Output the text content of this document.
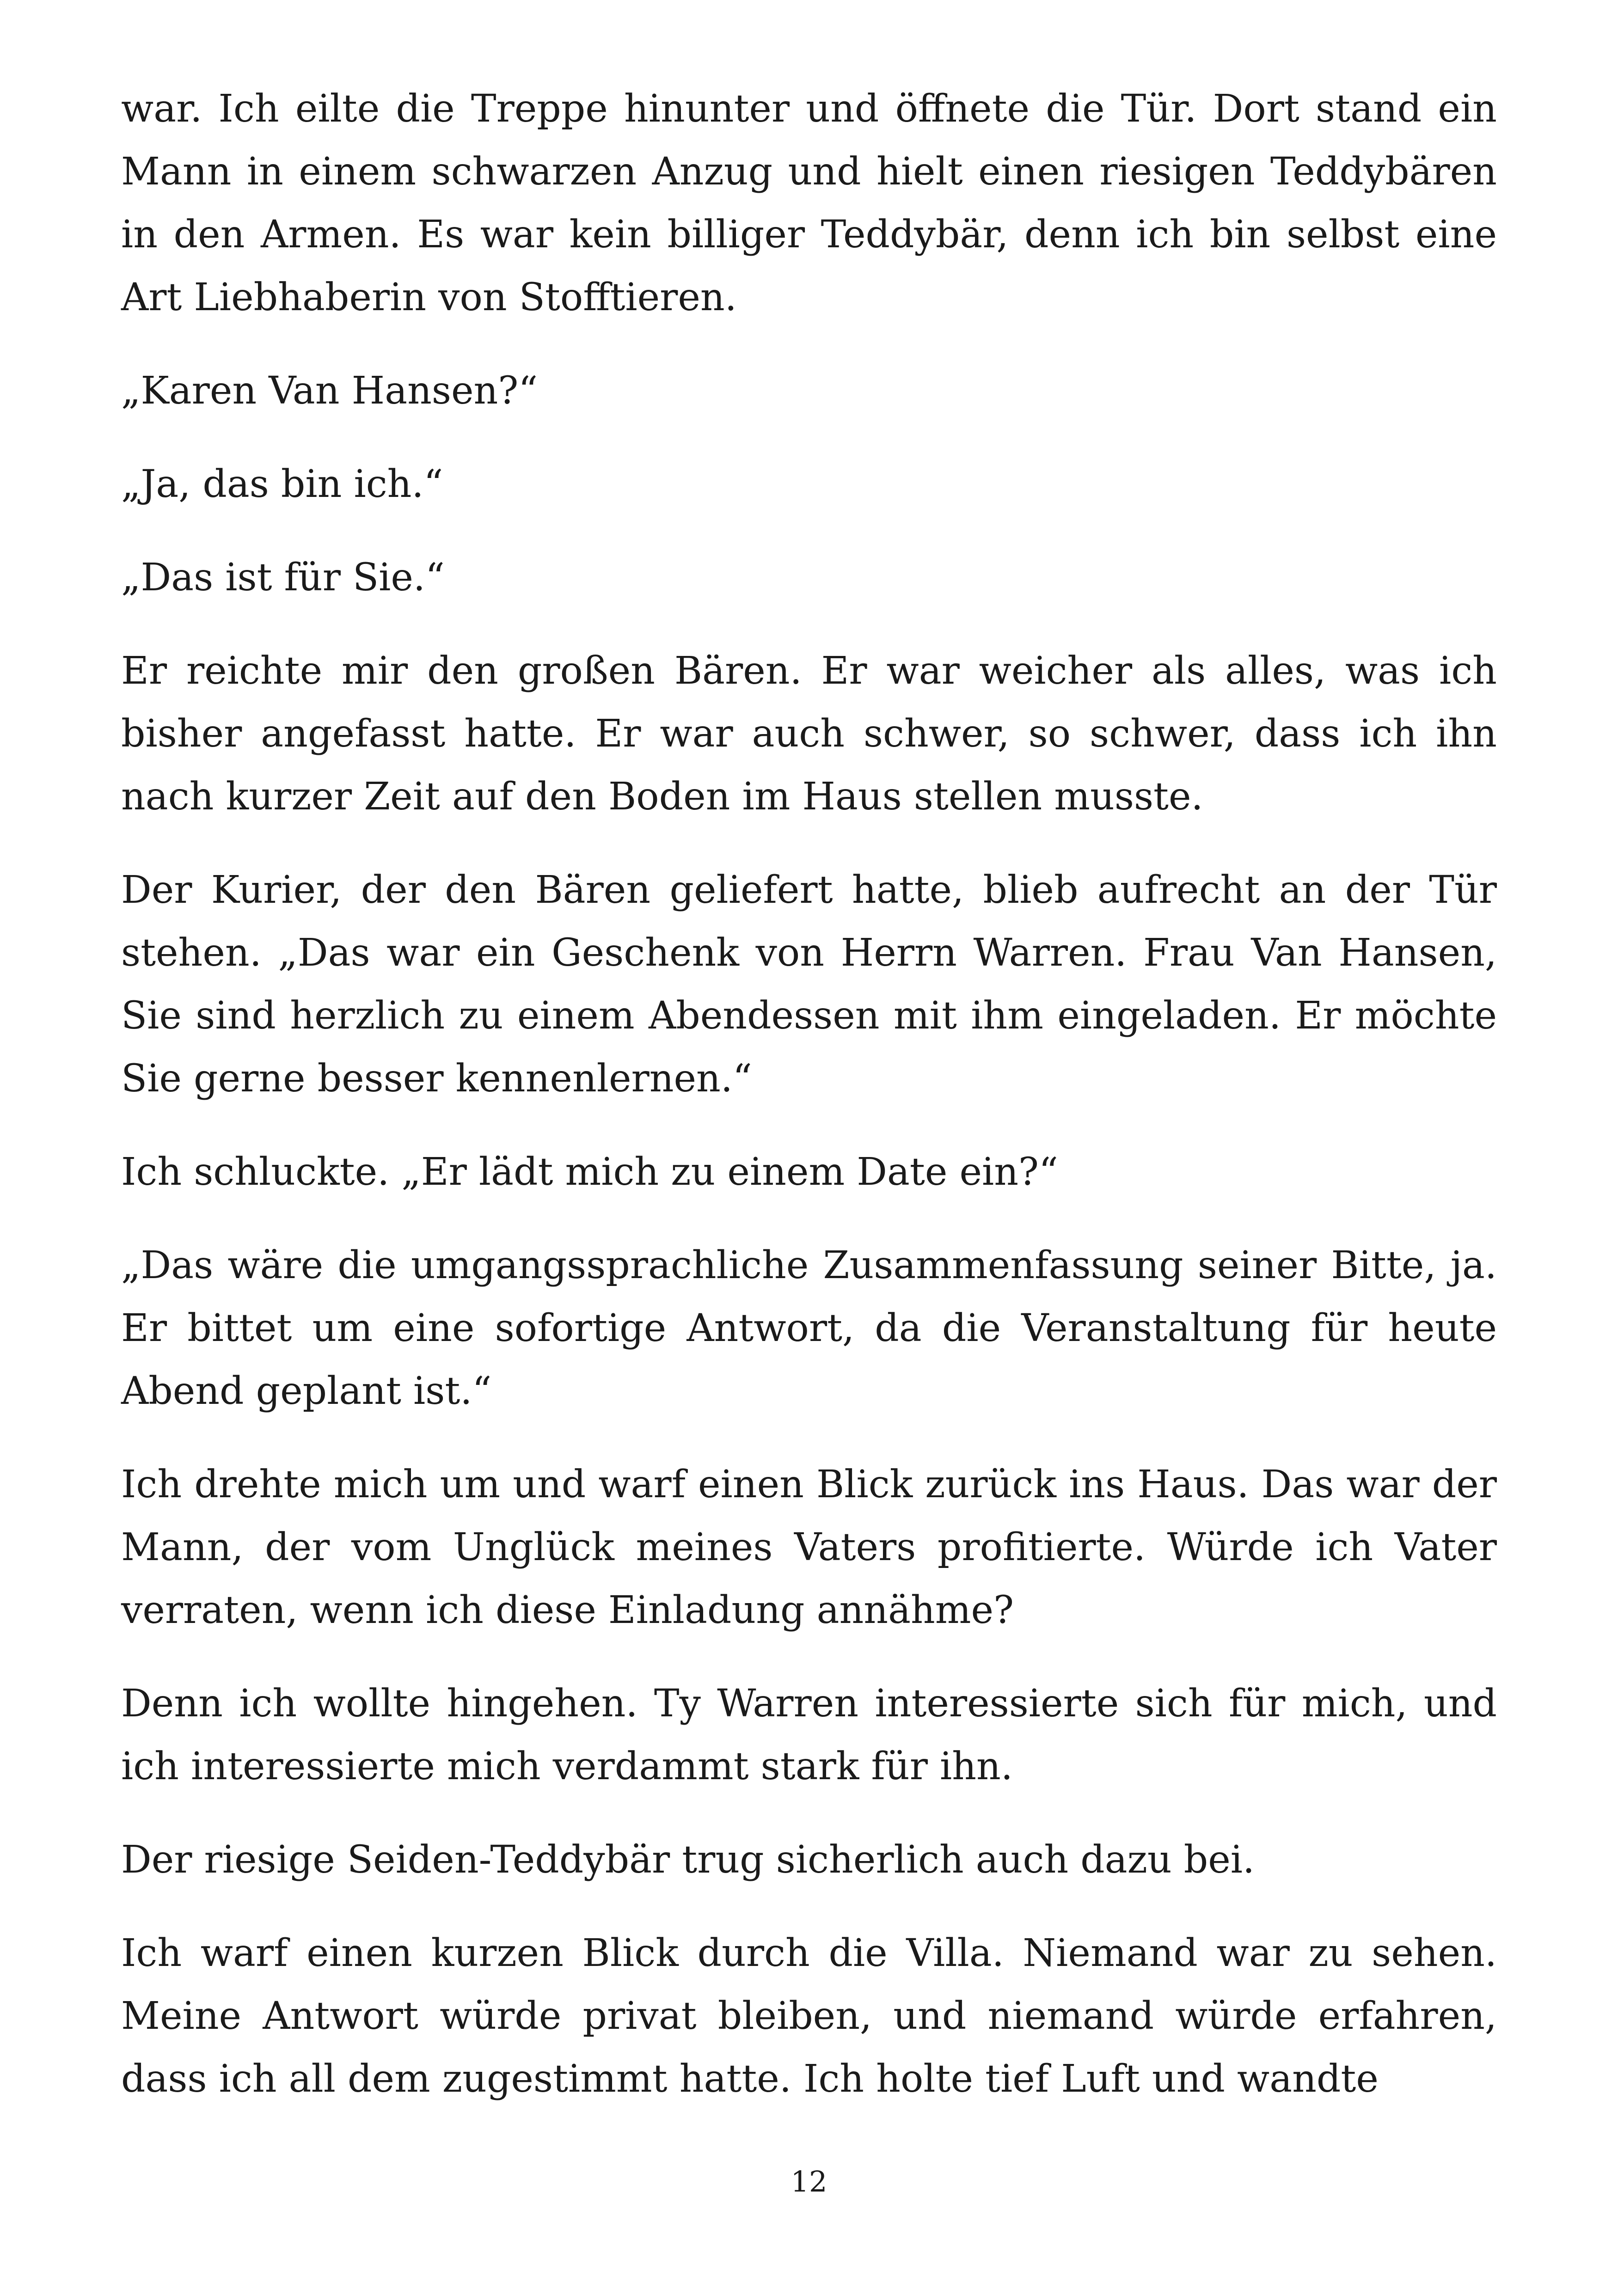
war. Ich eilte die Treppe hinunter und öffnete die Tür. Dort stand ein Mann in einem schwarzen Anzug und hielt einen riesigen Teddybären in den Armen. Es war kein billiger Teddybär, denn ich bin selbst eine Art Liebhaberin von Stofftieren.

„Karen Van Hansen?“

„Ja, das bin ich.“

„Das ist für Sie.“

Er reichte mir den großen Bären. Er war weicher als alles, was ich bisher angefasst hatte. Er war auch schwer, so schwer, dass ich ihn nach kurzer Zeit auf den Boden im Haus stellen musste.

Der Kurier, der den Bären geliefert hatte, blieb aufrecht an der Tür stehen. „Das war ein Geschenk von Herrn Warren. Frau Van Hansen, Sie sind herzlich zu einem Abendessen mit ihm eingeladen. Er möchte Sie gerne besser kennenlernen.“

Ich schluckte. „Er lädt mich zu einem Date ein?“

„Das wäre die umgangssprachliche Zusammenfassung seiner Bitte, ja. Er bittet um eine sofortige Antwort, da die Veranstaltung für heute Abend geplant ist.“

Ich drehte mich um und warf einen Blick zurück ins Haus. Das war der Mann, der vom Unglück meines Vaters profitierte. Würde ich Vater verraten, wenn ich diese Einladung annähme?

Denn ich wollte hingehen. Ty Warren interessierte sich für mich, und ich interessierte mich verdammt stark für ihn.

Der riesige Seiden-Teddybär trug sicherlich auch dazu bei.

Ich warf einen kurzen Blick durch die Villa. Niemand war zu sehen. Meine Antwort würde privat bleiben, und niemand würde erfahren, dass ich all dem zugestimmt hatte. Ich holte tief Luft und wandte

12
